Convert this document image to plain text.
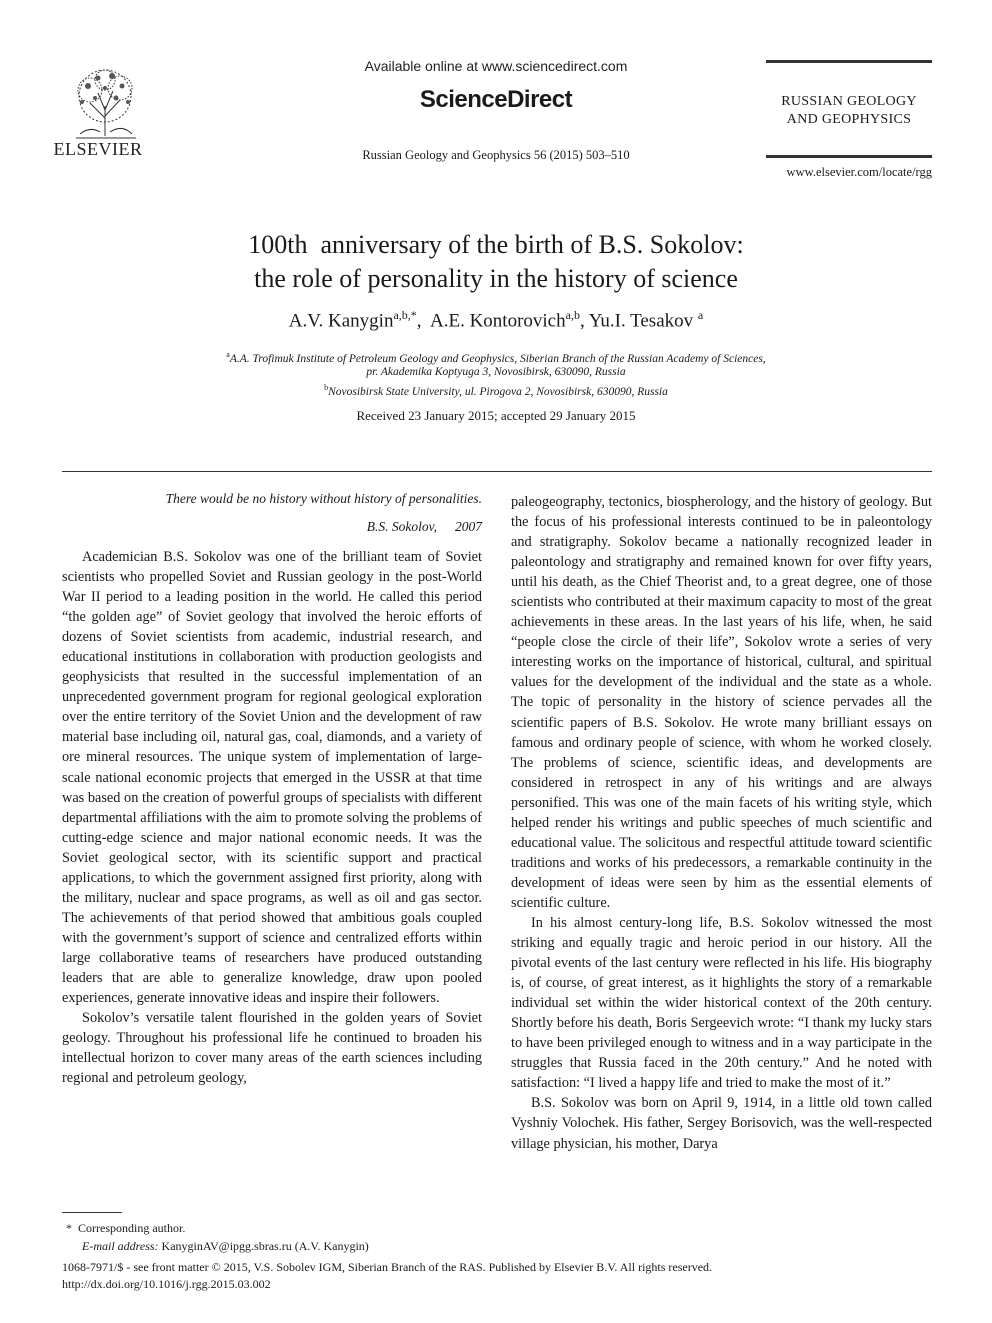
ELSEVIER
Available online at www.sciencedirect.com
ScienceDirect
Russian Geology and Geophysics 56 (2015) 503–510
RUSSIAN GEOLOGY
AND GEOPHYSICS
www.elsevier.com/locate/rgg
100th  anniversary of the birth of B.S. Sokolov:
the role of personality in the history of science
A.V. Kanygin$^{a,b,*}$,  A.E. Kontorovich$^{a,b}$, Yu.I. Tesakov $^a$
$^a$A.A. Trofimuk Institute of Petroleum Geology and Geophysics, Siberian Branch of the Russian Academy of Sciences,
pr. Akademika Koptyuga 3, Novosibirsk, 630090, Russia
$^b$Novosibirsk State University, ul. Pirogova 2, Novosibirsk, 630090, Russia
Received 23 January 2015; accepted 29 January 2015
There would be no history without history of personalities.
B.S. Sokolov, 2007

Academician B.S. Sokolov was one of the brilliant team of Soviet scientists who propelled Soviet and Russian geology in the post-World War II period to a leading position in the world. He called this period “the golden age” of Soviet geology that involved the heroic efforts of dozens of Soviet scientists from academic, industrial research, and educational institutions in collaboration with production geologists and geophysicists that resulted in the successful implementation of an unprecedented government program for regional geological exploration over the entire territory of the Soviet Union and the development of raw material base including oil, natural gas, coal, diamonds, and a variety of ore mineral resources. The unique system of implementation of large-scale national economic projects that emerged in the USSR at that time was based on the creation of powerful groups of specialists with different departmental affiliations with the aim to promote solving the problems of cutting-edge science and major national economic needs. It was the Soviet geological sector, with its scientific support and practical applications, to which the government assigned first priority, along with the military, nuclear and space programs, as well as oil and gas sector. The achievements of that period showed that ambitious goals coupled with the government’s support of science and centralized efforts within large collaborative teams of researchers have produced outstanding leaders that are able to generalize knowledge, draw upon pooled experiences, generate innovative ideas and inspire their followers.

Sokolov’s versatile talent flourished in the golden years of Soviet geology. Throughout his professional life he continued to broaden his intellectual horizon to cover many areas of the earth sciences including regional and petroleum geology,

paleogeography, tectonics, biospherology, and the history of geology. But the focus of his professional interests continued to be in paleontology and stratigraphy. Sokolov became a nationally recognized leader in paleontology and stratigraphy and remained known for over fifty years, until his death, as the Chief Theorist and, to a great degree, one of those scientists who contributed at their maximum capacity to most of the great achievements in these areas. In the last years of his life, when, he said “people close the circle of their life”, Sokolov wrote a series of very interesting works on the importance of historical, cultural, and spiritual values for the development of the individual and the state as a whole. The topic of personality in the history of science pervades all the scientific papers of B.S. Sokolov. He wrote many brilliant essays on famous and ordinary people of science, with whom he worked closely. The problems of science, scientific ideas, and developments are considered in retrospect in any of his writings and are always personified. This was one of the main facets of his writing style, which helped render his writings and public speeches of much scientific and educational value. The solicitous and respectful attitude toward scientific traditions and works of his predecessors, a remarkable continuity in the development of ideas were seen by him as the essential elements of scientific culture.

In his almost century-long life, B.S. Sokolov witnessed the most striking and equally tragic and heroic period in our history. All the pivotal events of the last century were reflected in his life. His biography is, of course, of great interest, as it highlights the story of a remarkable individual set within the wider historical context of the 20th century. Shortly before his death, Boris Sergeevich wrote: “I thank my lucky stars to have been privileged enough to witness and in a way participate in the struggles that Russia faced in the 20th century.” And he noted with satisfaction: “I lived a happy life and tried to make the most of it.”

B.S. Sokolov was born on April 9, 1914, in a little old town called Vyshniy Volochek. His father, Sergey Borisovich, was the well-respected village physician, his mother, Darya

* Corresponding author.
E-mail address: KanyginAV@ipgg.sbras.ru (A.V. Kanygin)
1068-7971/$ - see front matter © 2015, V.S. Sobolev IGM, Siberian Branch of the RAS. Published by Elsevier B.V. All rights reserved.
http://dx.doi.org/10.1016/j.rgg.2015.03.002
